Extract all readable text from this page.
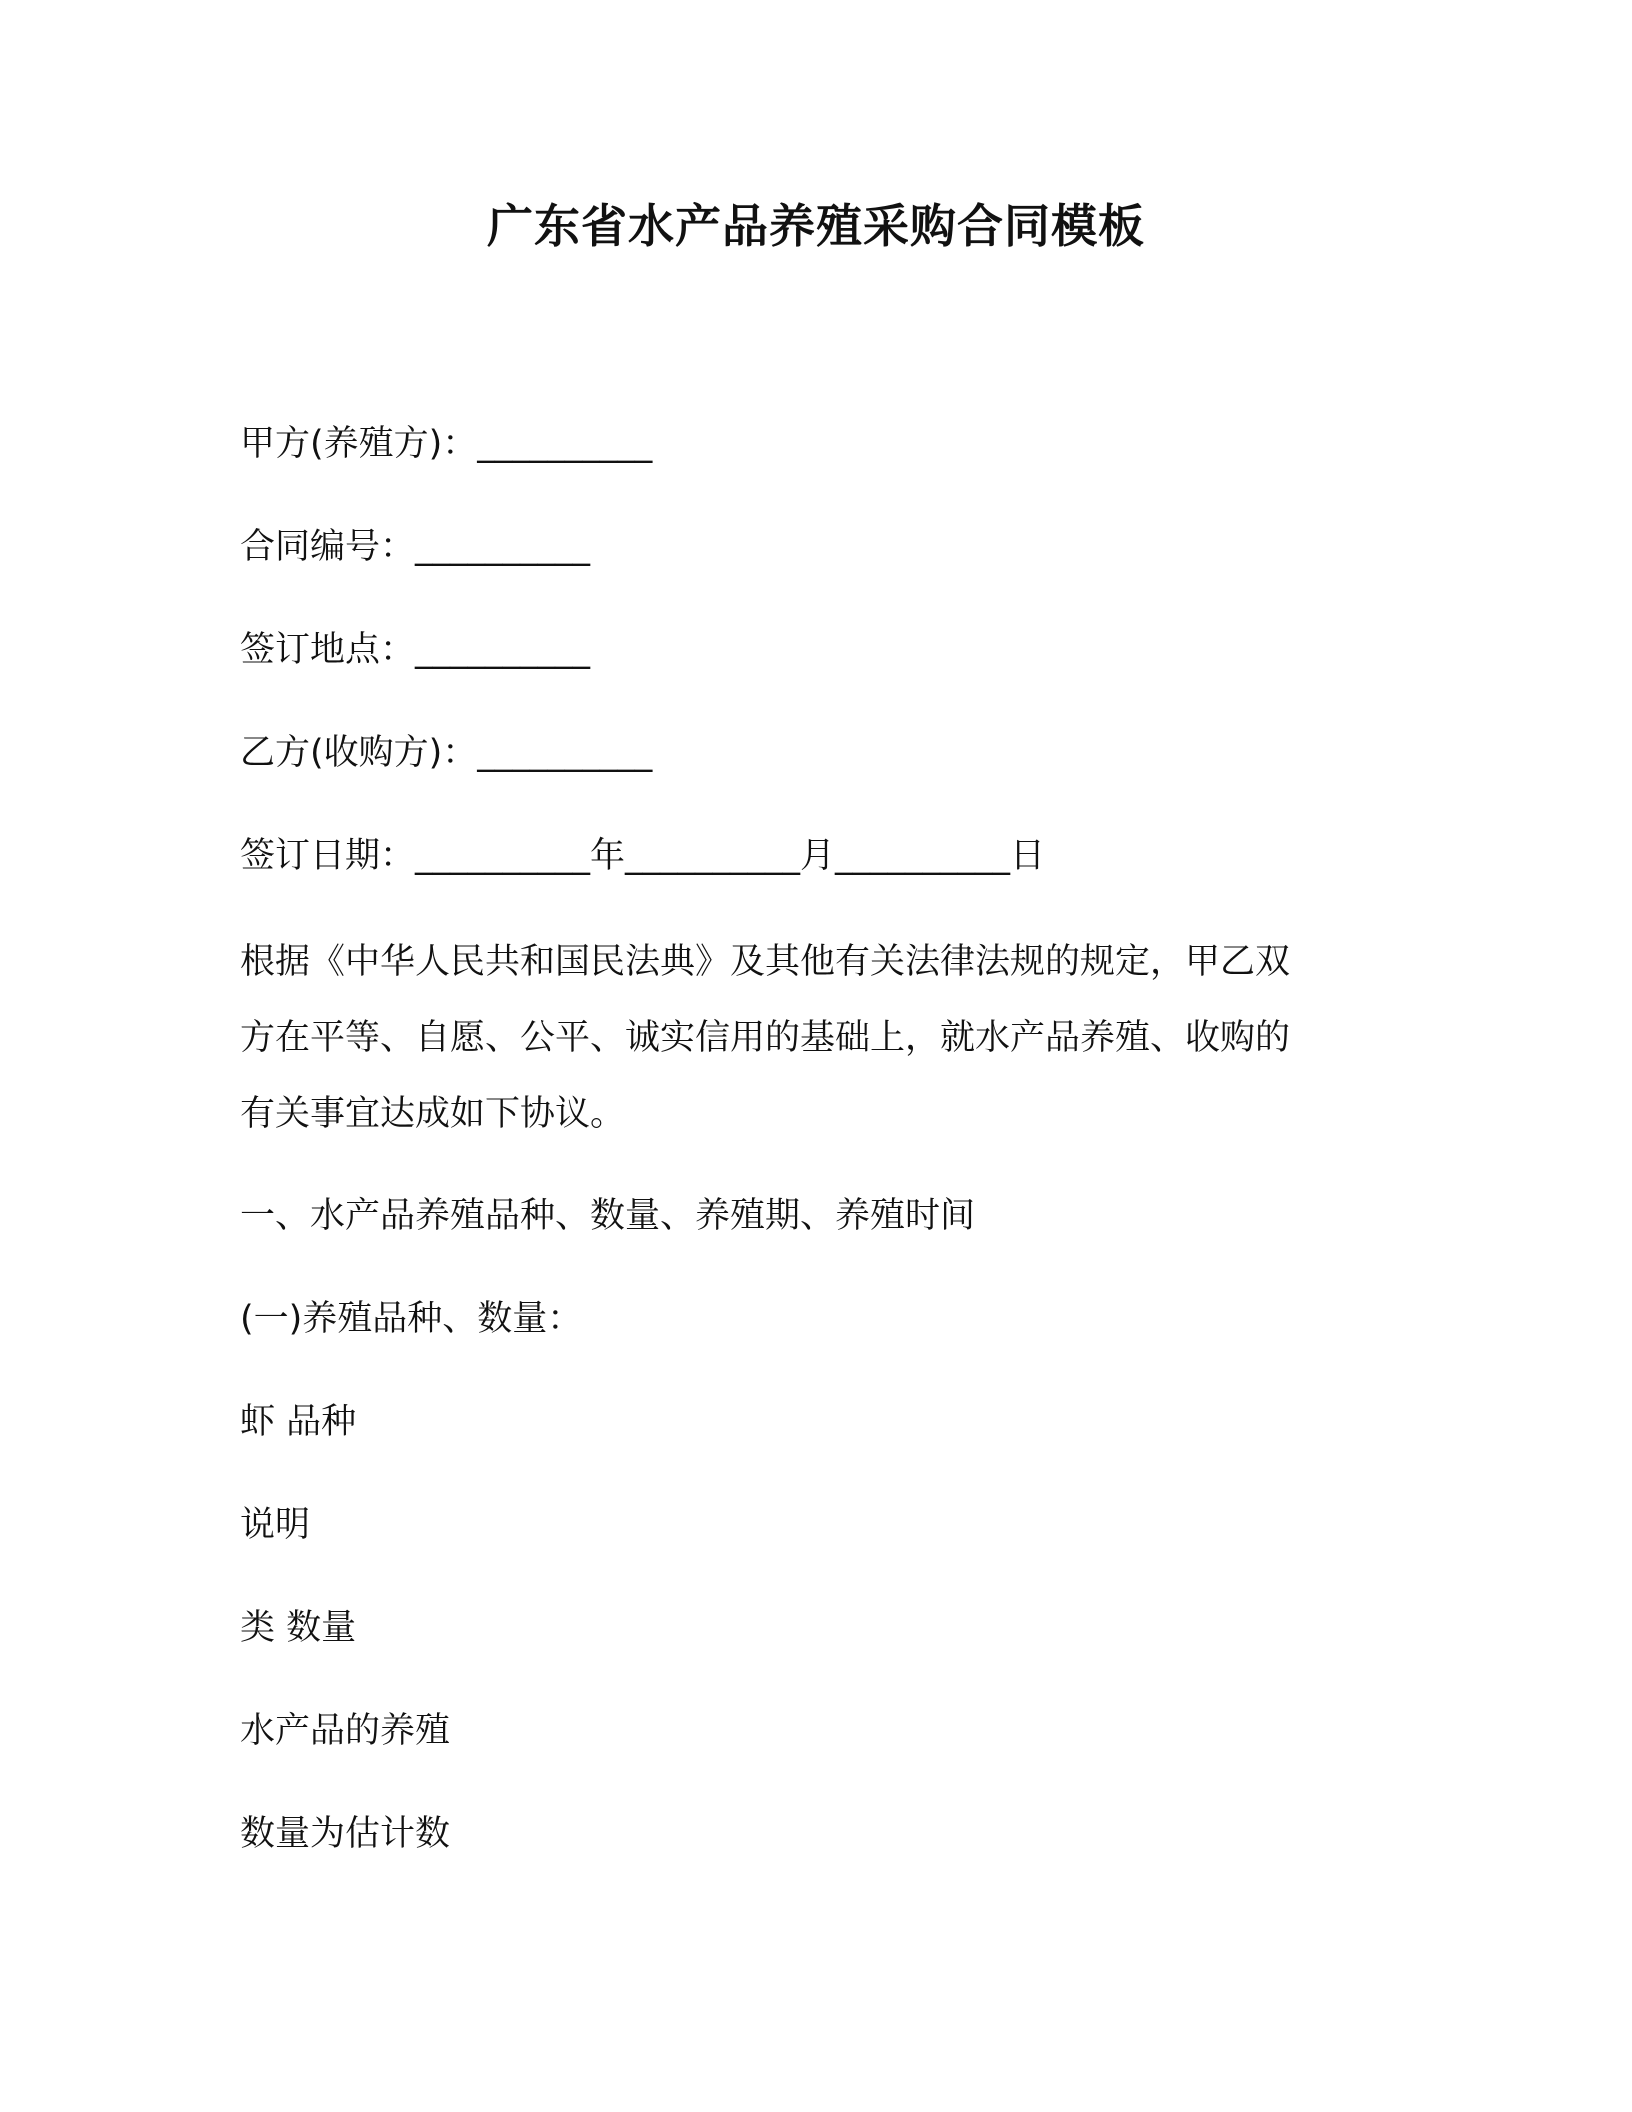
广东省水产品养殖采购合同模板

甲方(养殖方)：__________

合同编号：__________

签订地点：__________

乙方(收购方)：__________

签订日期：__________年__________月__________日

根据《中华人民共和国民法典》及其他有关法律法规的规定，甲乙双
方在平等、自愿、公平、诚实信用的基础上，就水产品养殖、收购的
有关事宜达成如下协议。

一、水产品养殖品种、数量、养殖期、养殖时间

(一)养殖品种、数量：

虾 品种

说明

类 数量

水产品的养殖

数量为估计数
